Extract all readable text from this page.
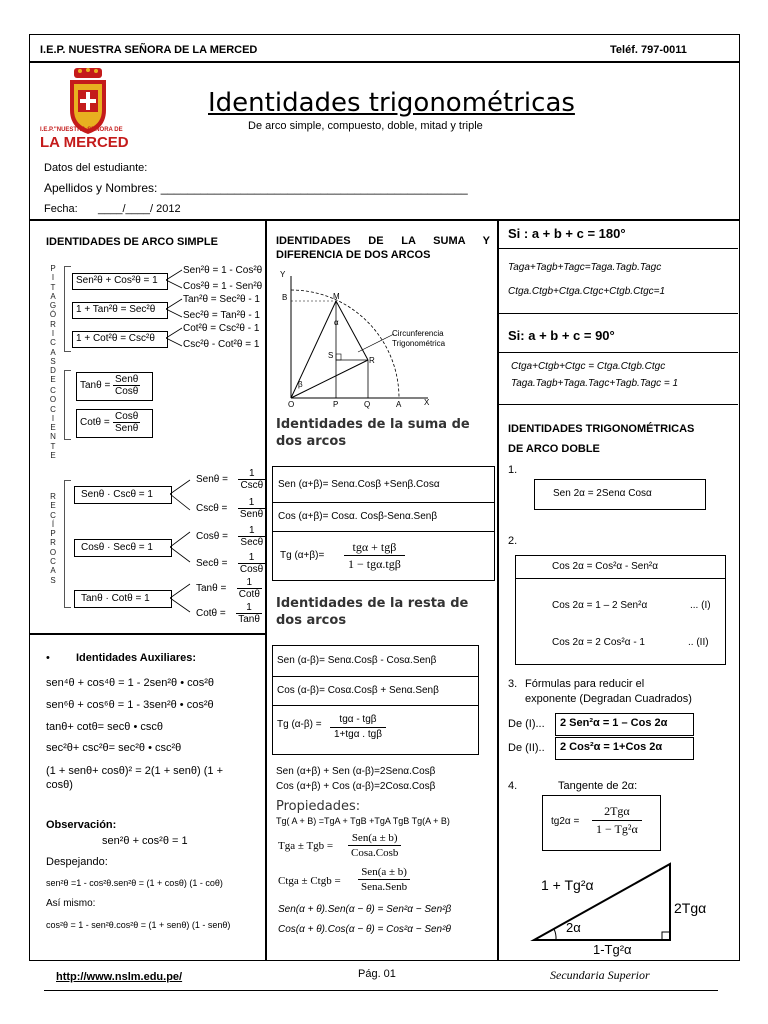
I.E.P. NUESTRA SEÑORA DE LA MERCED	Teléf. 797-0011
I.E.P."NUESTRA SEÑORA DE
LA MERCED
Identidades trigonométricas
De arco simple, compuesto, doble, mitad y triple
Datos del estudiante:
Apellidos y Nombres: ______________________________________________
Fecha: ____/____/ 2012
IDENTIDADES DE ARCO SIMPLE
P
I
T
A
G
Ó
R
I
C
A
S
D
E
C
O
C
I
E
N
T
E
R
E
C
Í
P
R
O
C
A
S
Sen²θ + Cos²θ = 1
1 + Tan²θ = Sec²θ
1 + Cot²θ = Csc²θ
Sen²θ = 1 - Cos²θ
Cos²θ = 1 - Sen²θ
Tan²θ = Sec²θ - 1
Sec²θ = Tan²θ - 1
Cot²θ = Csc²θ - 1
Csc²θ - Cot²θ = 1
Tanθ =
Senθ
Cosθ
Cotθ =
Cosθ
Senθ
Senθ · Cscθ = 1
Cosθ · Secθ = 1
Tanθ · Cotθ = 1
$Sen\theta = \frac{1}{\text{Cscθ}}$
$Csc\theta = \frac{1}{\text{Senθ}}$
$Cos\theta = \frac{1}{\text{Secθ}}$
$Sec\theta = \frac{1}{\text{Cosθ}}$
$Tan\theta = \frac{1}{\text{Cotθ}}$
$Cot\theta = \frac{1}{\text{Tanθ}}$
• Identidades Auxiliares:
sen⁴θ + cos⁴θ = 1 - 2sen²θ • cos²θ
sen⁶θ + cos⁶θ = 1 - 3sen²θ • cos²θ
tanθ+ cotθ= secθ • cscθ
sec²θ+ csc²θ= sec²θ • csc²θ
(1 + senθ+ cosθ)² = 2(1 + senθ) (1 +
cosθ)
Observación:
sen²θ + cos²θ = 1
Despejando:
sen²θ =1 - cos²θ.sen²θ = (1 + cosθ) (1 - coθ)
Así mismo:
cos²θ = 1 - sen²θ.cos²θ = (1 + senθ) (1 - senθ)
IDENTIDADES DE LA SUMA Y DIFERENCIA DE DOS ARCOS
Y
B	M
S
R
O	P	Q	A	X
α
β
Circunferencia
Trigonométrica
Identidades de la suma de dos arcos
Sen (α+β)= Senα.Cosβ +Senβ.Cosα
Cos (α+β)= Cosα. Cosβ-Senα.Senβ
Tg (α+β)=
tgα + tgβ
1 − tgα.tgβ
Identidades de la resta de dos arcos
Sen (α-β)= Senα.Cosβ - Cosα.Senβ
Cos (α-β)= Cosα.Cosβ + Senα.Senβ
Tg (α-β) =	tgα - tgβ
1+tgα . tgβ
Sen (α+β) + Sen (α-β)=2Senα.Cosβ
Cos (α+β) + Cos (α-β)=2Cosα.Cosβ
Propiedades:
Tg( A + B) =TgA + TgB +TgA TgB Tg(A + B)
Tga ± Tgb =
Sen(a ± b)
Cosa.Cosb
Ctga ± Ctgb =
Sen(a ± b)
Sena.Senb
Sen(α + θ).Sen(α − θ) = Sen²α − Sen²β
Cos(α + θ).Cos(α − θ) = Cos²α − Sen²θ
Si : a + b + c = 180°
Taga+Tagb+Tagc=Taga.Tagb.Tagc
Ctga.Ctgb+Ctga.Ctgc+Ctgb.Ctgc=1
Si: a + b + c = 90°
Ctga+Ctgb+Ctgc = Ctga.Ctgb.Ctgc
Taga.Tagb+Taga.Tagc+Tagb.Tagc = 1
IDENTIDADES TRIGONOMÉTRICAS
DE ARCO DOBLE
1.
Sen 2α = 2Senα Cosα
2.
Cos 2α = Cos²α - Sen²α
Cos 2α = 1 – 2 Sen²α	... (I)
Cos 2α = 2 Cos²α - 1	.. (II)
3. Fórmulas para reducir el
exponente (Degradan Cuadrados)
De (I)... 2 Sen²α = 1 – Cos 2α
De (II).. 2 Cos²α = 1+Cos 2α
4.	Tangente de 2α:
tg2α =
2Tgα
1 − Tg²α
1 + Tg²α
2Tgα
1-Tg²α
2α
http://www.nslm.edu.pe/	Pág. 01	Secundaria Superior
